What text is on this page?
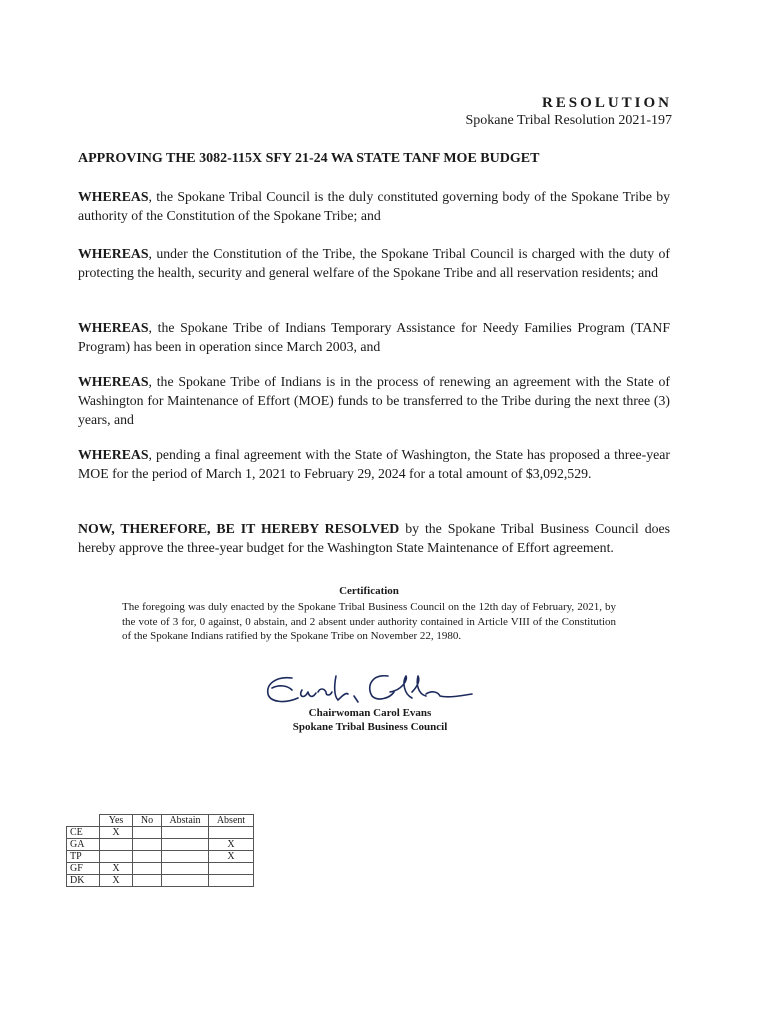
RESOLUTION
Spokane Tribal Resolution 2021-197
APPROVING THE 3082-115X SFY 21-24 WA STATE TANF MOE BUDGET

WHEREAS, the Spokane Tribal Council is the duly constituted governing body of the Spokane Tribe by authority of the Constitution of the Spokane Tribe; and

WHEREAS, under the Constitution of the Tribe, the Spokane Tribal Council is charged with the duty of protecting the health, security and general welfare of the Spokane Tribe and all reservation residents; and

WHEREAS, the Spokane Tribe of Indians Temporary Assistance for Needy Families Program (TANF Program) has been in operation since March 2003, and

WHEREAS, the Spokane Tribe of Indians is in the process of renewing an agreement with the State of Washington for Maintenance of Effort (MOE) funds to be transferred to the Tribe during the next three (3) years, and

WHEREAS, pending a final agreement with the State of Washington, the State has proposed a three-year MOE for the period of March 1, 2021 to February 29, 2024 for a total amount of $3,092,529.

NOW, THEREFORE, BE IT HEREBY RESOLVED by the Spokane Tribal Business Council does hereby approve the three-year budget for the Washington State Maintenance of Effort agreement.

Certification

The foregoing was duly enacted by the Spokane Tribal Business Council on the 12th day of February, 2021, by the vote of 3 for, 0 against, 0 abstain, and 2 absent under authority contained in Article VIII of the Constitution of the Spokane Indians ratified by the Spokane Tribe on November 22, 1980.

Chairwoman Carol Evans
Spokane Tribal Business Council
	Yes	No	Abstain	Absent
CE	X			
GA				X
TP				X
GF	X			
DK	X			
